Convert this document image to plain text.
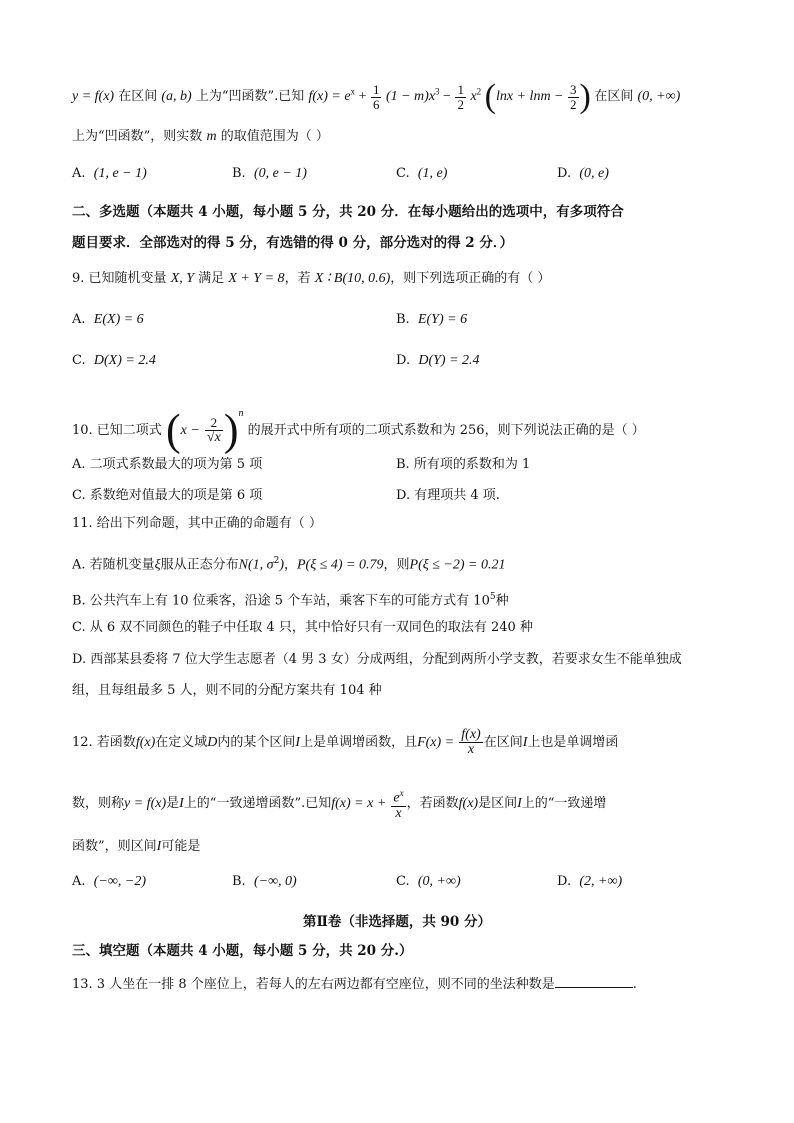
y = f(x) 在区间 (a, b) 上为“凹函数”.已知 $f(x) = e^x + \frac{1}{6} (1 - m)x^3 - \frac{1}{2} x^2$ ($\ln x + \ln m - \frac{3}{2}$ ) 在区间 (0, +∞)
上为“凹函数”，则实数 m 的取值范围为（ ）
A. (1, e − 1)	B. (0, e − 1)	C. (1, e)	D. (0, e)
二、多选题（本题共 4 小题，每小题 5 分，共 20 分．在每小题给出的选项中，有多项符合
题目要求．全部选对的得 5 分，有选错的得 0 分，部分选对的得 2 分．）
9. 已知随机变量 X, Y 满足 X + Y = 8，若 X ∶ B(10, 0.6)，则下列选项正确的有（ ）
A. E(X) = 6	B. E(Y) = 6
C. D(X) = 2.4	D. D(Y) = 2.4
10. 已知二项式 $(x - \frac{2}{√x} )^n$ 的展开式中所有项的二项式系数和为 256，则下列说法正确的是（ ）
A. 二项式系数最大的项为第 5 项	B. 所有项的系数和为 1
C. 系数绝对值最大的项是第 6 项	D. 有理项共 4 项.
11. 给出下列命题，其中正确的命题有（ ）
A. 若随机变量ξ服从正态分布N(1, $\sigma^2$)，P(ξ ≤ 4) = 0.79，则P(ξ ≤ −2) = 0.21
B. 公共汽车上有 10 位乘客，沿途 5 个车站，乘客下车的可能方式有 $10^5$种
C. 从 6 双不同颜色的鞋子中任取 4 只，其中恰好只有一双同色的取法有 240 种
D. 西部某县委将 7 位大学生志愿者（4 男 3 女）分成两组，分配到两所小学支教，若要求女生不能单独成
组，且每组最多 5 人，则不同的分配方案共有 104 种
12. 若函数f(x)在定义域D内的某个区间I上是单调增函数，且$F(x) = \frac{f(x)}{x}$ 在区间I上也是单调增函
数，则称y = f(x)是I上的“一致递增函数”.已知$f(x) = x + \frac{e^x}{x}$ ，若函数f(x)是区间I上的“一致递增
函数”，则区间I可能是
A. (−∞, −2)	B. (−∞, 0)	C. (0, +∞)	D. (2, +∞)
第Ⅱ卷（非选择题，共 90 分）
三、填空题（本题共 4 小题，每小题 5 分，共 20 分.）
13. 3 人坐在一排 8 个座位上，若每人的左右两边都有空座位，则不同的坐法种数是	.
